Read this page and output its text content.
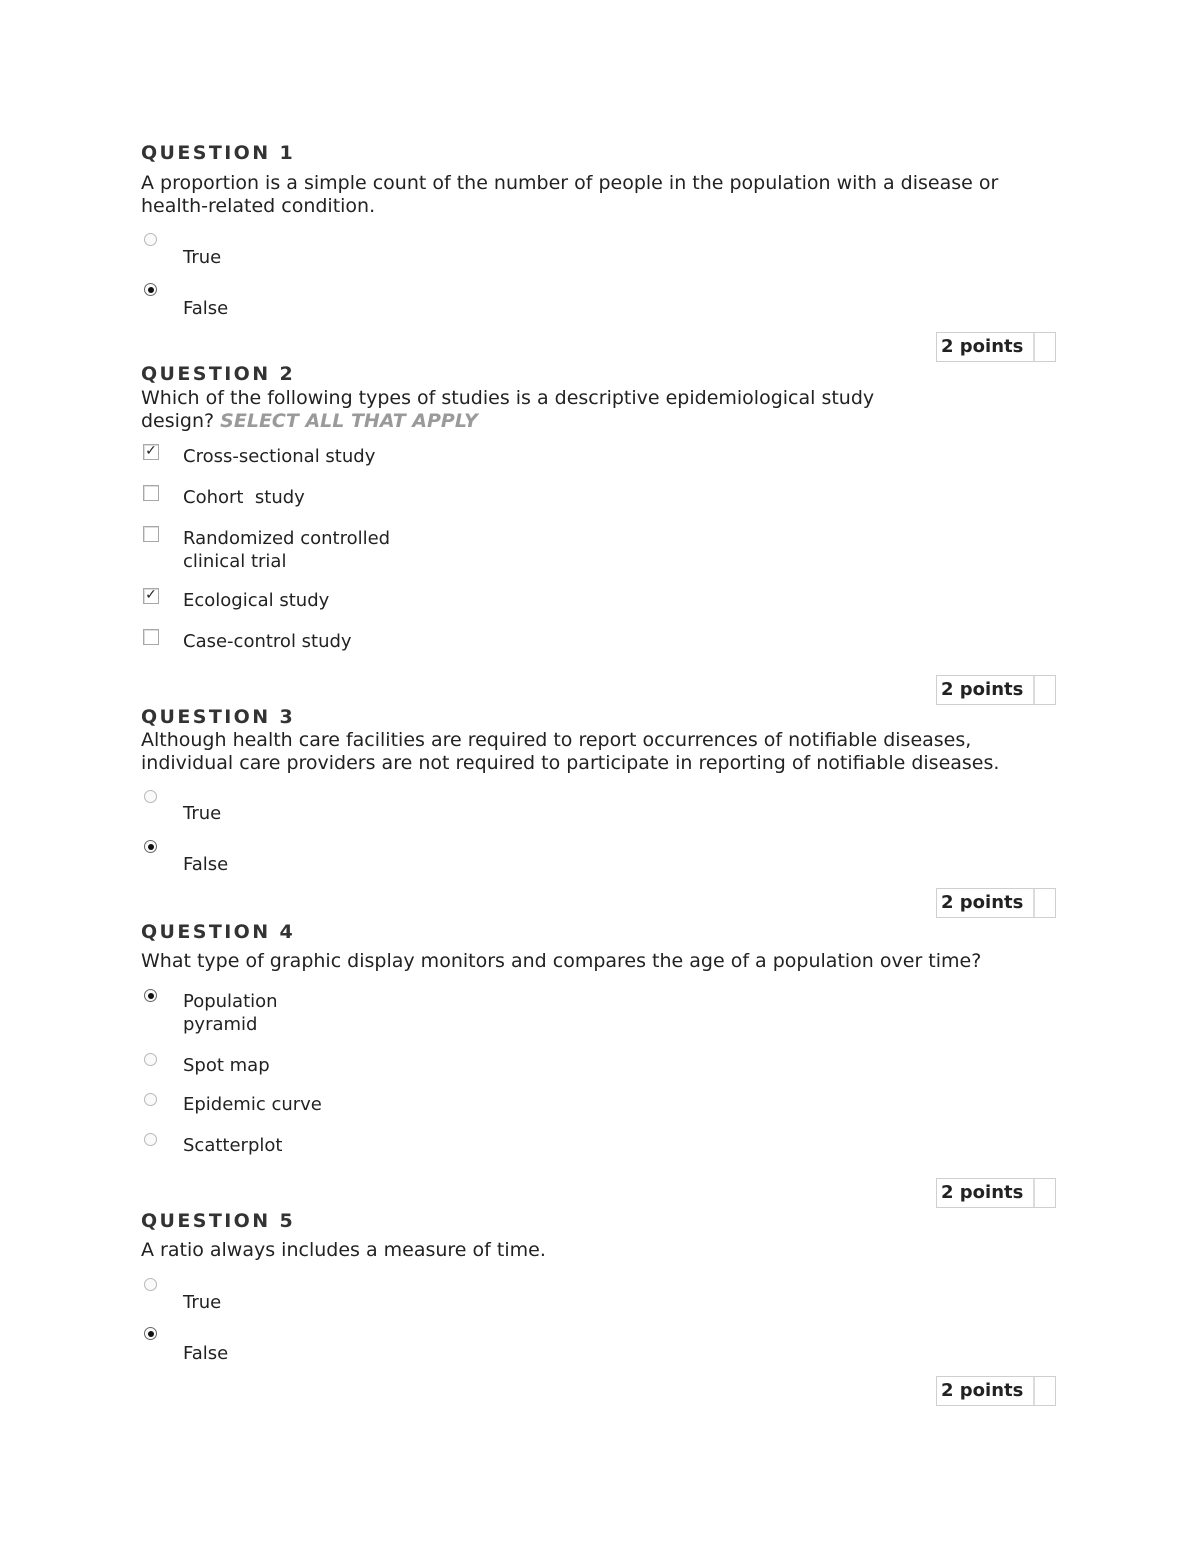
QUESTION 1
A proportion is a simple count of the number of people in the population with a disease or health-related condition.
True
False
2 points
QUESTION 2
Which of the following types of studies is a descriptive epidemiological study design? SELECT ALL THAT APPLY
✓ Cross-sectional study
Cohort  study
Randomized controlled clinical trial
✓ Ecological study
Case-control study
2 points
QUESTION 3
Although health care facilities are required to report occurrences of notifiable diseases, individual care providers are not required to participate in reporting of notifiable diseases.
True
False
2 points
QUESTION 4
What type of graphic display monitors and compares the age of a population over time?
Population pyramid
Spot map
Epidemic curve
Scatterplot
2 points
QUESTION 5
A ratio always includes a measure of time.
True
False
2 points
